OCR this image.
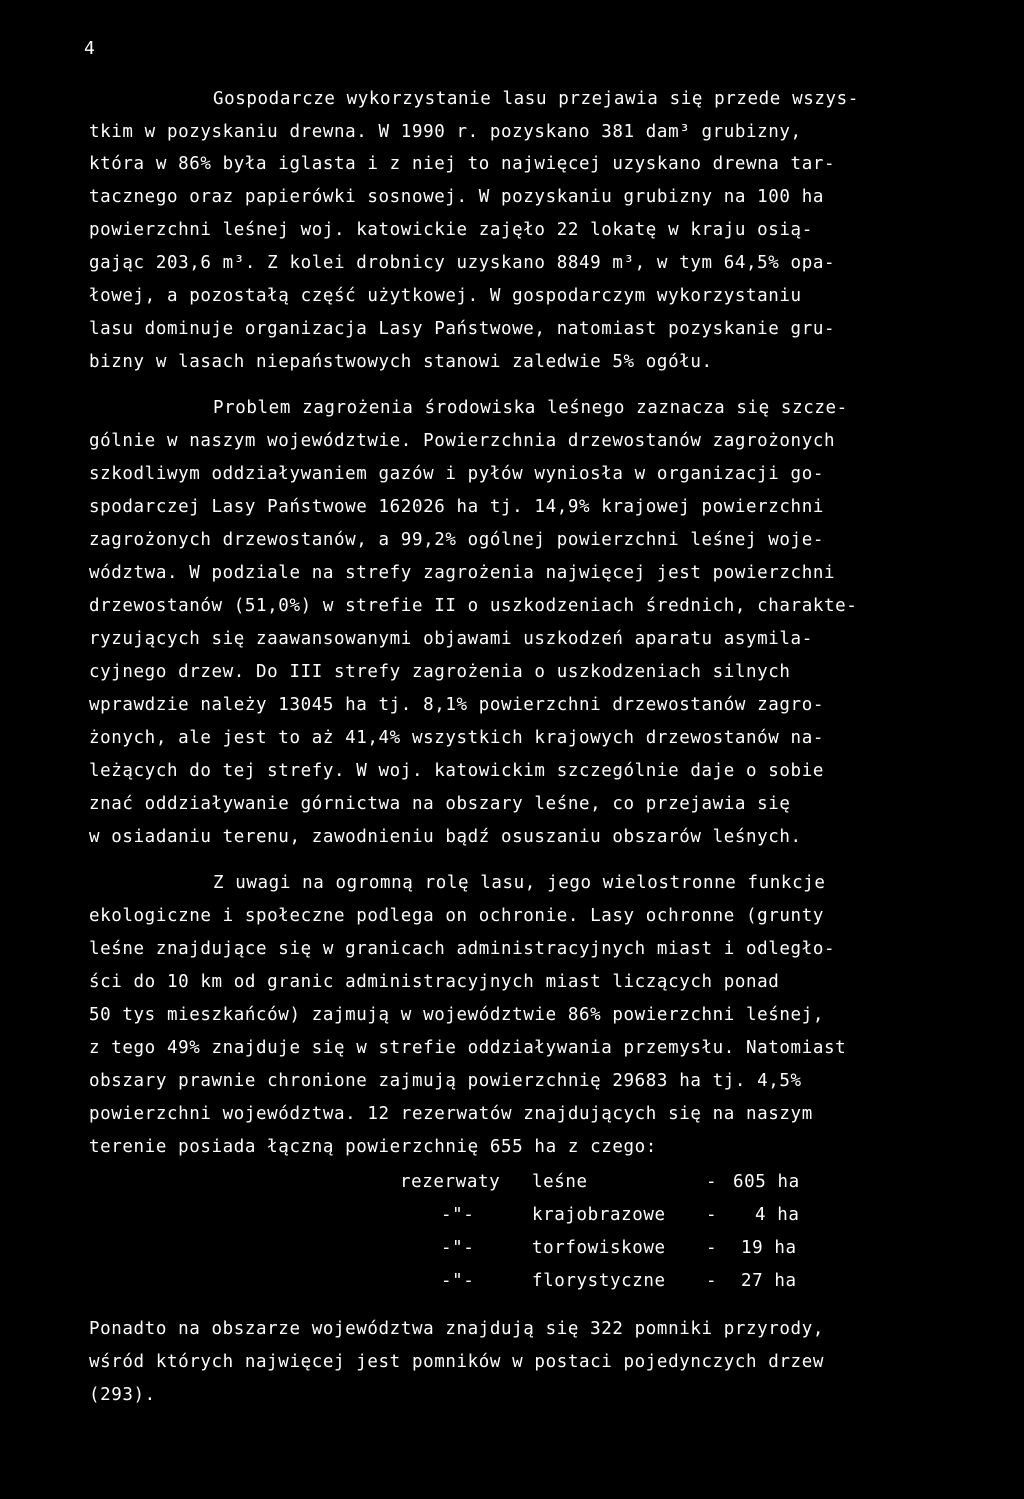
4
Gospodarcze wykorzystanie lasu przejawia się przede wszys-
tkim w pozyskaniu drewna. W 1990 r. pozyskano 381 dam³ grubizny,
która w 86% była iglasta i z niej to najwięcej uzyskano drewna tar-
tacznego oraz papierówki sosnowej. W pozyskaniu grubizny na 100 ha
powierzchni leśnej woj. katowickie zajęło 22 lokatę w kraju osią-
gając 203,6 m³. Z kolei drobnicy uzyskano 8849 m³, w tym 64,5% opa-
łowej, a pozostałą część użytkowej. W gospodarczym wykorzystaniu
lasu dominuje organizacja Lasy Państwowe, natomiast pozyskanie gru-
bizny w lasach niepaństwowych stanowi zaledwie 5% ogółu.
Problem zagrożenia środowiska leśnego zaznacza się szcze-
gólnie w naszym województwie. Powierzchnia drzewostanów zagrożonych
szkodliwym oddziaływaniem gazów i pyłów wyniosła w organizacji go-
spodarczej Lasy Państwowe 162026 ha tj. 14,9% krajowej powierzchni
zagrożonych drzewostanów, a 99,2% ogólnej powierzchni leśnej woje-
wództwa. W podziale na strefy zagrożenia najwięcej jest powierzchni
drzewostanów (51,0%) w strefie II o uszkodzeniach średnich, charakte-
ryzujących się zaawansowanymi objawami uszkodzeń aparatu asymila-
cyjnego drzew. Do III strefy zagrożenia o uszkodzeniach silnych
wprawdzie należy 13045 ha tj. 8,1% powierzchni drzewostanów zagro-
żonych, ale jest to aż 41,4% wszystkich krajowych drzewostanów na-
leżących do tej strefy. W woj. katowickim szczególnie daje o sobie
znać oddziaływanie górnictwa na obszary leśne, co przejawia się
w osiadaniu terenu, zawodnieniu bądź osuszaniu obszarów leśnych.
Z uwagi na ogromną rolę lasu, jego wielostronne funkcje
ekologiczne i społeczne podlega on ochronie. Lasy ochronne (grunty
leśne znajdujące się w granicach administracyjnych miast i odległo-
ści do 10 km od granic administracyjnych miast liczących ponad
50 tys mieszkańców) zajmują w województwie 86% powierzchni leśnej,
z tego 49% znajduje się w strefie oddziaływania przemysłu. Natomiast
obszary prawnie chronione zajmują powierzchnię 29683 ha tj. 4,5%
powierzchni województwa. 12 rezerwatów znajdujących się na naszym
terenie posiada łączną powierzchnię 655 ha z czego:
rezerwaty leśne	- 605 ha
-"-	krajobrazowe - 4 ha
-"-	torfowiskowe - 19 ha
-"-	florystyczne - 27 ha
Ponadto na obszarze województwa znajdują się 322 pomniki przyrody,
wśród których najwięcej jest pomników w postaci pojedynczych drzew
(293).
